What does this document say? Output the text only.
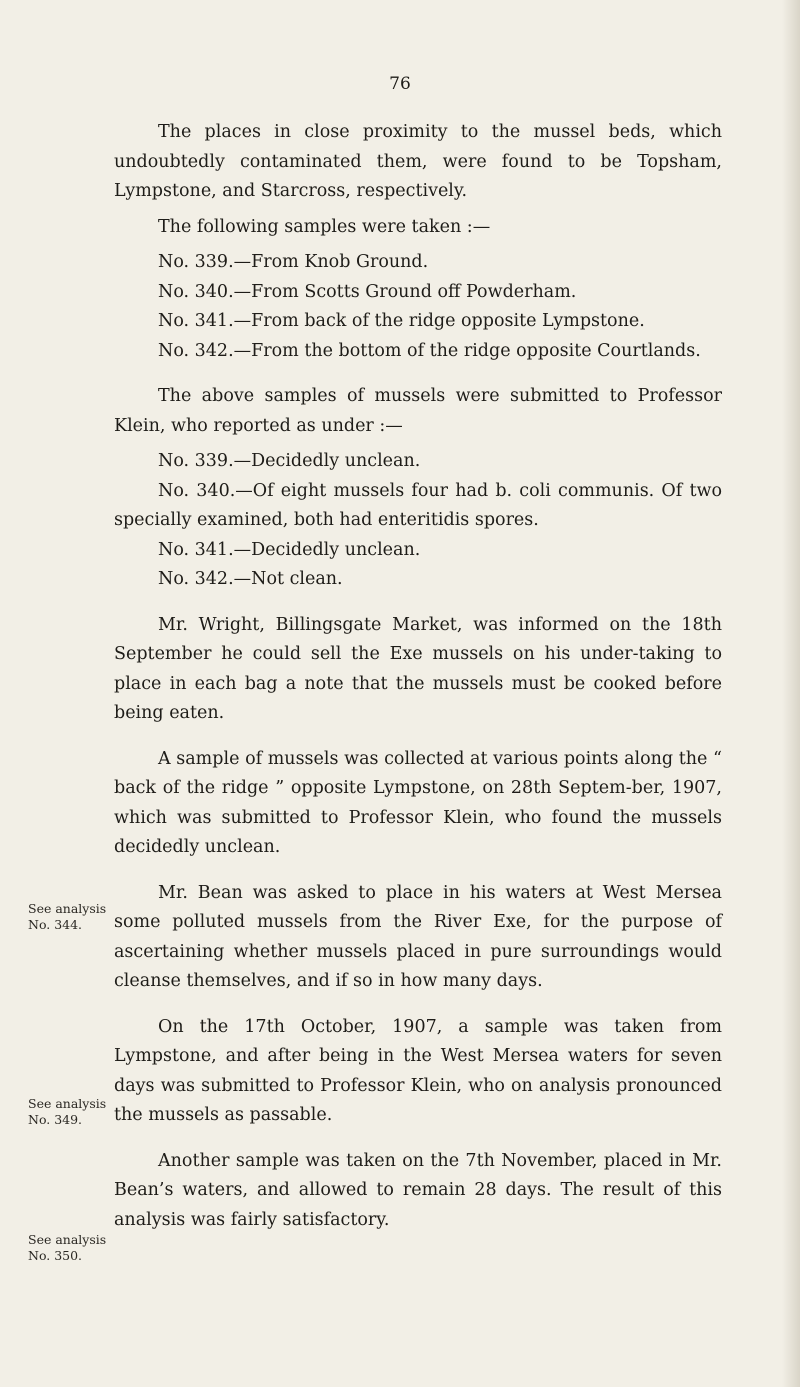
76

The places in close proximity to the mussel beds, which undoubtedly contaminated them, were found to be Topsham, Lympstone, and Starcross, respectively.

The following samples were taken :—

No. 339.—From Knob Ground.

No. 340.—From Scotts Ground off Powderham.

No. 341.—From back of the ridge opposite Lympstone.

No. 342.—From the bottom of the ridge opposite Courtlands.

The above samples of mussels were submitted to Professor Klein, who reported as under :—

No. 339.—Decidedly unclean.

No. 340.—Of eight mussels four had b. coli communis. Of two specially examined, both had enteritidis spores.

No. 341.—Decidedly unclean.

No. 342.—Not clean.

Mr. Wright, Billingsgate Market, was informed on the 18th September he could sell the Exe mussels on his under-taking to place in each bag a note that the mussels must be cooked before being eaten.

A sample of mussels was collected at various points along the “ back of the ridge ” opposite Lympstone, on 28th Septem-ber, 1907, which was submitted to Professor Klein, who found the mussels decidedly unclean.

Mr. Bean was asked to place in his waters at West Mersea some polluted mussels from the River Exe, for the purpose of ascertaining whether mussels placed in pure surroundings would cleanse themselves, and if so in how many days.

On the 17th October, 1907, a sample was taken from Lympstone, and after being in the West Mersea waters for seven days was submitted to Professor Klein, who on analysis pronounced the mussels as passable.

Another sample was taken on the 7th November, placed in Mr. Bean’s waters, and allowed to remain 28 days. The result of this analysis was fairly satisfactory.

See analysis No. 344.
See analysis No. 349.
See analysis No. 350.
